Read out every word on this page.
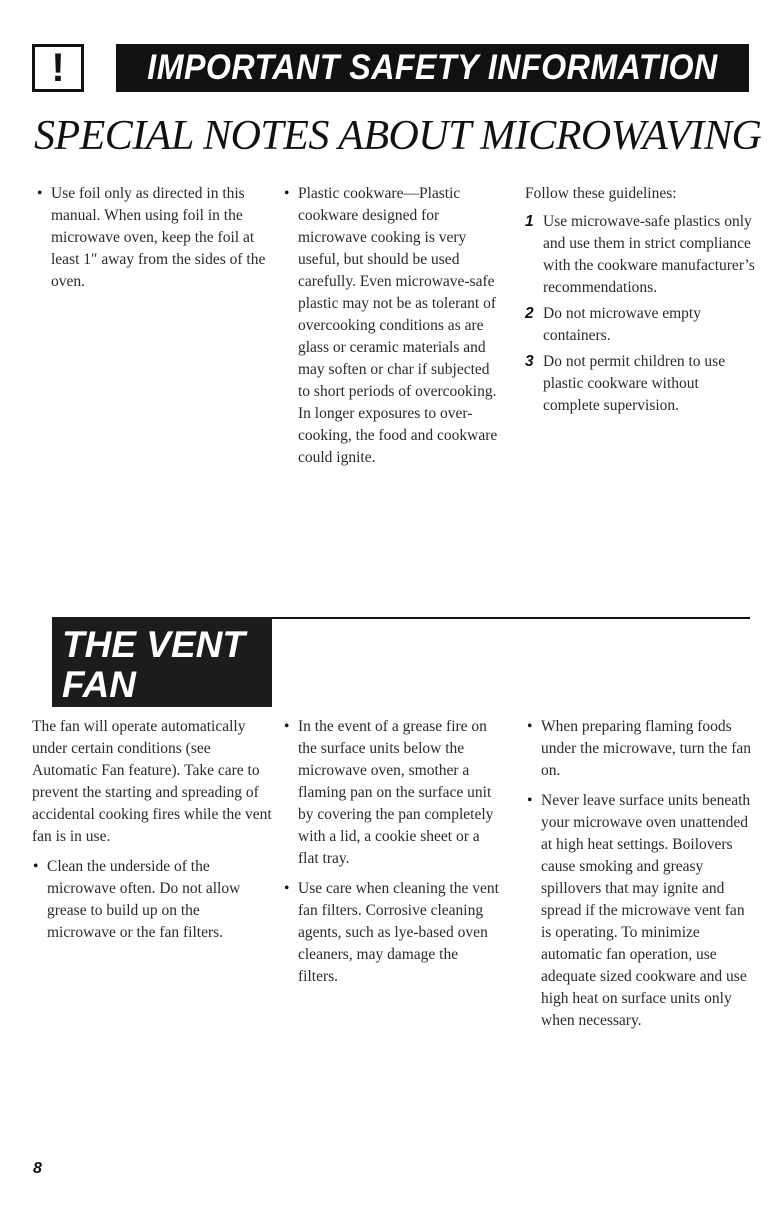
!	IMPORTANT SAFETY INFORMATION
SPECIAL NOTES ABOUT MICROWAVING

• Use foil only as directed in this manual. When using foil in the microwave oven, keep the foil at least 1″ away from the sides of the oven.

• Plastic cookware—Plastic cookware designed for microwave cooking is very useful, but should be used carefully. Even microwave-safe plastic may not be as tolerant of overcooking conditions as are glass or ceramic materials and may soften or char if subjected to short periods of overcooking. In longer exposures to over-cooking, the food and cookware could ignite.

Follow these guidelines:

1 Use microwave-safe plastics only and use them in strict compliance with the cookware manufacturer’s recommendations.

2 Do not microwave empty containers.

3 Do not permit children to use plastic cookware without complete supervision.

THE VENT
FAN

The fan will operate automatically under certain conditions (see Automatic Fan feature). Take care to prevent the starting and spreading of accidental cooking fires while the vent fan is in use.

• Clean the underside of the microwave often. Do not allow grease to build up on the microwave or the fan filters.

• In the event of a grease fire on the surface units below the microwave oven, smother a flaming pan on the surface unit by covering the pan completely with a lid, a cookie sheet or a flat tray.

• Use care when cleaning the vent fan filters. Corrosive cleaning agents, such as lye-based oven cleaners, may damage the filters.

• When preparing flaming foods under the microwave, turn the fan on.

• Never leave surface units beneath your microwave oven unattended at high heat settings. Boilovers cause smoking and greasy spillovers that may ignite and spread if the microwave vent fan is operating. To minimize automatic fan operation, use adequate sized cookware and use high heat on surface units only when necessary.

8
